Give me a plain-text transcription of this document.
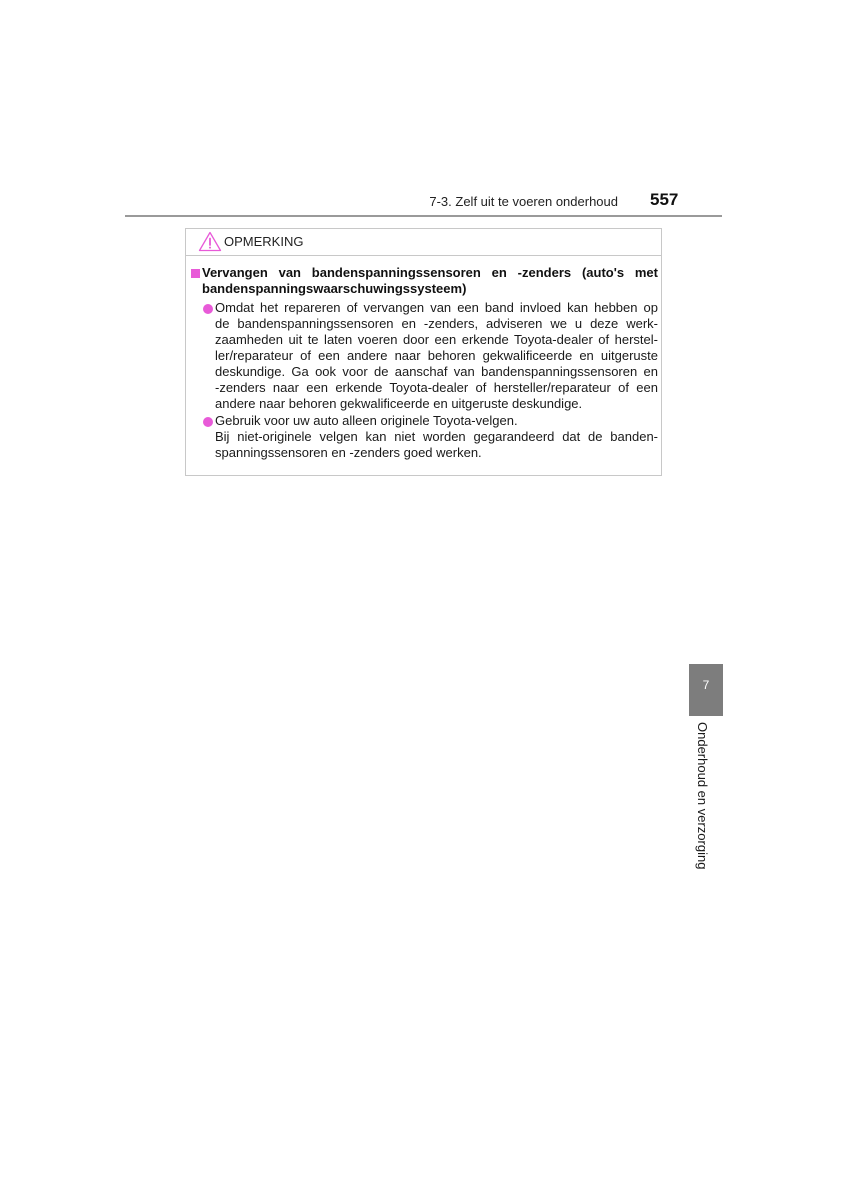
7-3. Zelf uit te voeren onderhoud 557
OPMERKING
Vervangen van bandenspanningssensoren en -zenders (auto's met
bandenspanningswaarschuwingssysteem)
Omdat het repareren of vervangen van een band invloed kan hebben op
de bandenspanningssensoren en -zenders, adviseren we u deze werk-
zaamheden uit te laten voeren door een erkende Toyota-dealer of herstel-
ler/reparateur of een andere naar behoren gekwalificeerde en uitgeruste
deskundige. Ga ook voor de aanschaf van bandenspanningssensoren en
-zenders naar een erkende Toyota-dealer of hersteller/reparateur of een
andere naar behoren gekwalificeerde en uitgeruste deskundige.
Gebruik voor uw auto alleen originele Toyota-velgen.
Bij niet-originele velgen kan niet worden gegarandeerd dat de banden-
spanningssensoren en -zenders goed werken.
7
Onderhoud en verzorging
